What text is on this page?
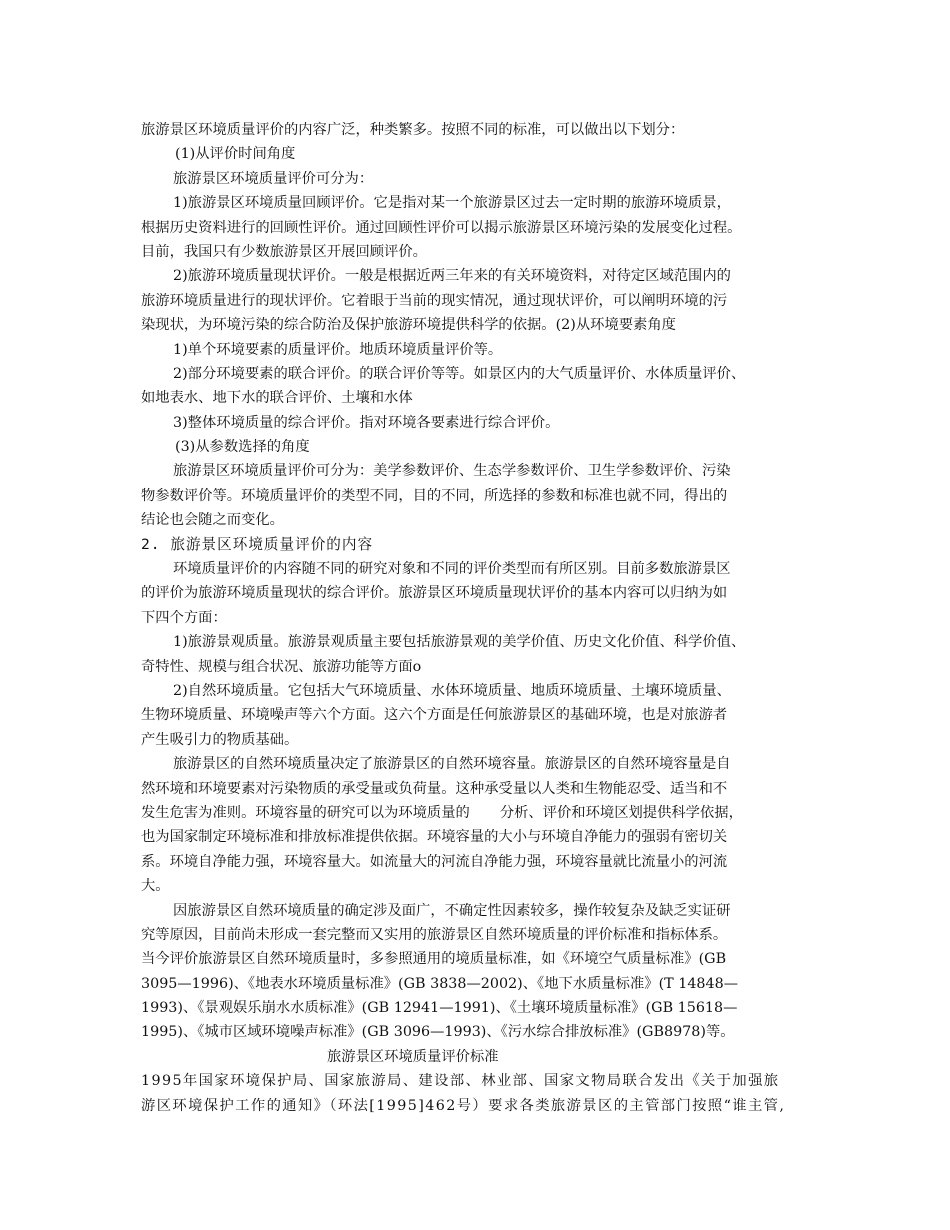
旅游景区环境质量评价的内容广泛，种类繁多。按照不同的标准，可以做出以下划分：
(1)从评价时间角度
旅游景区环境质量评价可分为：
1)旅游景区环境质量回顾评价。它是指对某一个旅游景区过去一定时期的旅游环境质景，
根据历史资料进行的回顾性评价。通过回顾性评价可以揭示旅游景区环境污染的发展变化过程。
目前，我国只有少数旅游景区开展回顾评价。
2)旅游环境质量现状评价。一般是根据近两三年来的有关环境资料，对待定区域范围内的
旅游环境质量进行的现状评价。它着眼于当前的现实情况，通过现状评价，可以阐明环境的污
染现状，为环境污染的综合防治及保护旅游环境提供科学的依据。(2)从环境要素角度
1)单个环境要素的质量评价。地质环境质量评价等。
2)部分环境要素的联合评价。的联合评价等等。如景区内的大气质量评价、水体质量评价、
如地表水、地下水的联合评价、土壤和水体
3)整体环境质量的综合评价。指对环境各要素进行综合评价。
(3)从参数选择的角度
旅游景区环境质量评价可分为：美学参数评价、生态学参数评价、卫生学参数评价、污染
物参数评价等。环境质量评价的类型不同，目的不同，所选择的参数和标准也就不同，得出的
结论也会随之而变化。
2. 旅游景区环境质量评价的内容
环境质量评价的内容随不同的研究对象和不同的评价类型而有所区别。目前多数旅游景区
的评价为旅游环境质量现状的综合评价。旅游景区环境质量现状评价的基本内容可以归纳为如
下四个方面：
1)旅游景观质量。旅游景观质量主要包括旅游景观的美学价值、历史文化价值、科学价值、
奇特性、规模与组合状况、旅游功能等方面o
2)自然环境质量。它包括大气环境质量、水体环境质量、地质环境质量、土壤环境质量、
生物环境质量、环境噪声等六个方面。这六个方面是任何旅游景区的基础环境，也是对旅游者
产生吸引力的物质基础。
旅游景区的自然环境质量决定了旅游景区的自然环境容量。旅游景区的自然环境容量是自
然环境和环境要素对污染物质的承受量或负荷量。这种承受量以人类和生物能忍受、适当和不
发生危害为准则。环境容量的研究可以为环境质量的 分析、评价和环境区划提供科学依据，
也为国家制定环境标准和排放标准提供依据。环境容量的大小与环境自净能力的强弱有密切关
系。环境自净能力强，环境容量大。如流量大的河流自净能力强，环境容量就比流量小的河流
大。
因旅游景区自然环境质量的确定涉及面广，不确定性因素较多，操作较复杂及缺乏实证研
究等原因，目前尚未形成一套完整而又实用的旅游景区自然环境质量的评价标准和指标体系。
当今评价旅游景区自然环境质量时，多参照通用的境质量标准，如《环境空气质量标准》(GB
3095—1996)、《地表水环境质量标准》(GB 3838—2002)、《地下水质量标准》(T 14848—
1993)、《景观娱乐崩水水质标准》(GB 12941—1991)、《土壤环境质量标准》(GB 15618—
1995)、《城市区域环境噪声标准》(GB 3096—1993)、《污水综合排放标准》(GB8978)等。
旅游景区环境质量评价标准
1995年国家环境保护局、国家旅游局、建设部、林业部、国家文物局联合发出《关于加强旅
游区环境保护工作的通知》（环法[1995]462号）要求各类旅游景区的主管部门按照“谁主管,
